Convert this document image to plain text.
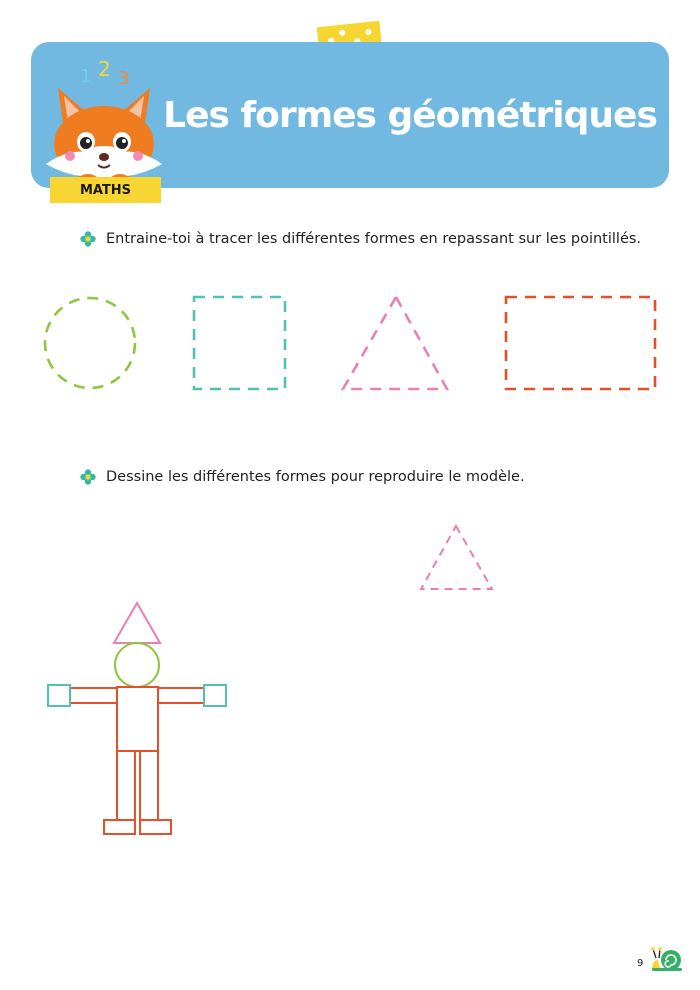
Les formes géométriques
1 2 3
MATHS
Entraine-toi à tracer les différentes formes en repassant sur les pointillés.
Dessine les différentes formes pour reproduire le modèle.
9
